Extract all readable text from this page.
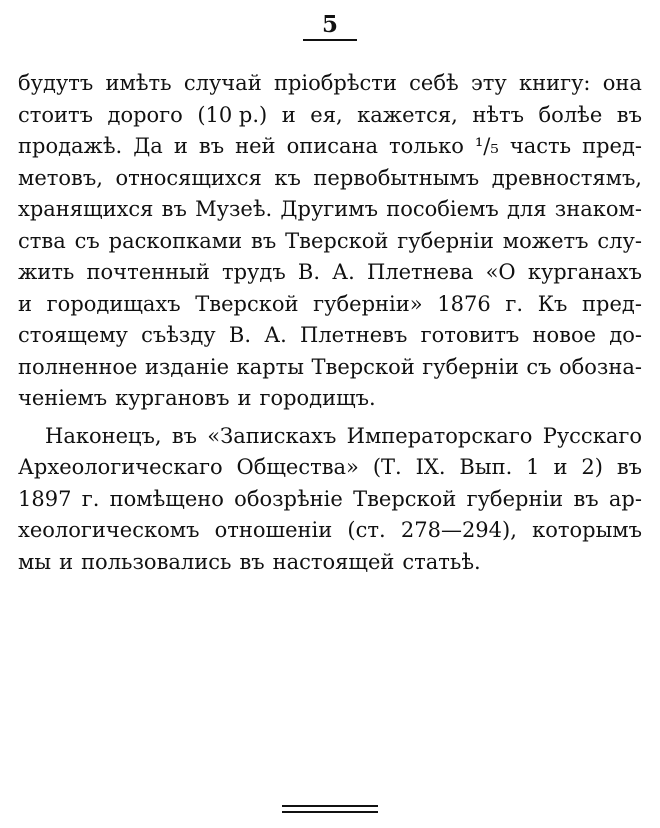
5
будутъ имѣть случай пріобрѣсти себѣ эту книгу: она
стоитъ дорого (10 р.) и ея, кажется, нѣтъ болѣе въ
продажѣ. Да и въ ней описана только ¹/₅ часть пред-
метовъ, относящихся къ первобытнымъ древностямъ,
хранящихся въ Музеѣ. Другимъ пособіемъ для знаком-
ства съ раскопками въ Тверской губерніи можетъ слу-
жить почтенный трудъ В. А. Плетнева «О курганахъ
и городищахъ Тверской губерніи» 1876 г. Къ пред-
стоящему съѣзду В. А. Плетневъ готовитъ новое до-
полненное изданіе карты Тверской губерніи съ обознa-
ченіемъ кургановъ и городищъ.
Наконецъ, въ «Запискахъ Императорскаго Русскаго
Археологическаго Общества» (Т. IX. Вып. 1 и 2) въ
1897 г. помѣщено обозрѣніе Тверской губерніи въ ар-
хеологическомъ отношеніи (ст. 278—294), которымъ
мы и пользовались въ настоящей статьѣ.
